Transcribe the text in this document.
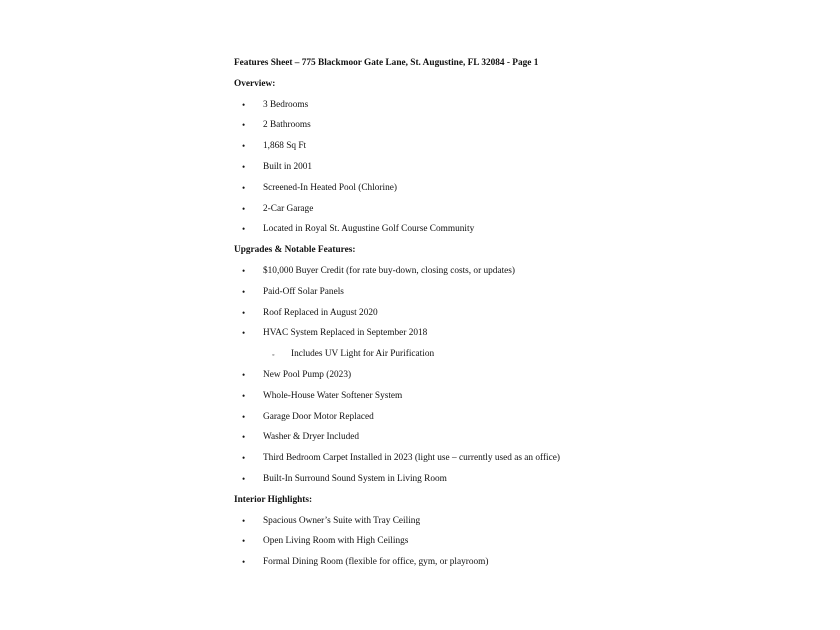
Features Sheet – 775 Blackmoor Gate Lane, St. Augustine, FL 32084 - Page 1
Overview:
• 3 Bedrooms
• 2 Bathrooms
• 1,868 Sq Ft
• Built in 2001
• Screened-In Heated Pool (Chlorine)
• 2-Car Garage
• Located in Royal St. Augustine Golf Course Community
Upgrades & Notable Features:
• $10,000 Buyer Credit (for rate buy-down, closing costs, or updates)
• Paid-Off Solar Panels
• Roof Replaced in August 2020
• HVAC System Replaced in September 2018
◦ Includes UV Light for Air Purification
• New Pool Pump (2023)
• Whole-House Water Softener System
• Garage Door Motor Replaced
• Washer & Dryer Included
• Third Bedroom Carpet Installed in 2023 (light use – currently used as an office)
• Built-In Surround Sound System in Living Room
Interior Highlights:
• Spacious Owner’s Suite with Tray Ceiling
• Open Living Room with High Ceilings
• Formal Dining Room (flexible for office, gym, or playroom)
